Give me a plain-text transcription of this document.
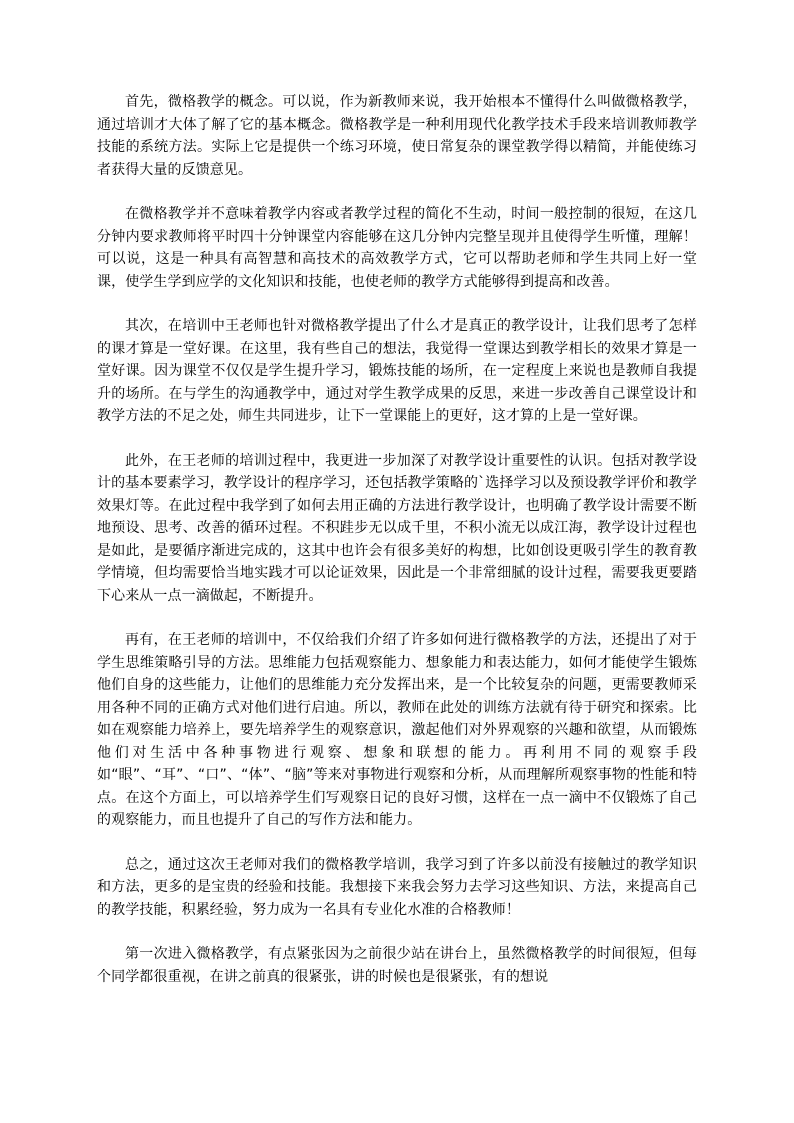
首先，微格教学的概念。可以说，作为新教师来说，我开始根本不懂得什么叫做微格教学，通过培训才大体了解了它的基本概念。微格教学是一种利用现代化教学技术手段来培训教师教学技能的系统方法。实际上它是提供一个练习环境，使日常复杂的课堂教学得以精简，并能使练习者获得大量的反馈意见。

在微格教学并不意味着教学内容或者教学过程的简化不生动，时间一般控制的很短，在这几分钟内要求教师将平时四十分钟课堂内容能够在这几分钟内完整呈现并且使得学生听懂，理解！可以说，这是一种具有高智慧和高技术的高效教学方式，它可以帮助老师和学生共同上好一堂课，使学生学到应学的文化知识和技能，也使老师的教学方式能够得到提高和改善。

其次，在培训中王老师也针对微格教学提出了什么才是真正的教学设计，让我们思考了怎样的课才算是一堂好课。在这里，我有些自己的想法，我觉得一堂课达到教学相长的效果才算是一堂好课。因为课堂不仅仅是学生提升学习，锻炼技能的场所，在一定程度上来说也是教师自我提升的场所。在与学生的沟通教学中，通过对学生教学成果的反思，来进一步改善自己课堂设计和教学方法的不足之处，师生共同进步，让下一堂课能上的更好，这才算的上是一堂好课。

此外，在王老师的培训过程中，我更进一步加深了对教学设计重要性的认识。包括对教学设计的基本要素学习，教学设计的程序学习，还包括教学策略的`选择学习以及预设教学评价和教学效果灯等。在此过程中我学到了如何去用正确的方法进行教学设计，也明确了教学设计需要不断地预设、思考、改善的循环过程。不积跬步无以成千里，不积小流无以成江海，教学设计过程也是如此，是要循序渐进完成的，这其中也许会有很多美好的构想，比如创设更吸引学生的教育教学情境，但均需要恰当地实践才可以论证效果，因此是一个非常细腻的设计过程，需要我更要踏下心来从一点一滴做起，不断提升。

再有，在王老师的培训中，不仅给我们介绍了许多如何进行微格教学的方法，还提出了对于学生思维策略引导的方法。思维能力包括观察能力、想象能力和表达能力，如何才能使学生锻炼他们自身的这些能力，让他们的思维能力充分发挥出来，是一个比较复杂的问题，更需要教师采用各种不同的正确方式对他们进行启迪。所以，教师在此处的训练方法就有待于研究和探索。比如在观察能力培养上，要先培养学生的观察意识，激起他们对外界观察的兴趣和欲望，从而锻炼他们对生活中各种事物进行观察、想象和联想的能力。再利用不同的观察手段如“眼”、“耳”、“口”、“体”、“脑”等来对事物进行观察和分析，从而理解所观察事物的性能和特点。在这个方面上，可以培养学生们写观察日记的良好习惯，这样在一点一滴中不仅锻炼了自己的观察能力，而且也提升了自己的写作方法和能力。

总之，通过这次王老师对我们的微格教学培训，我学习到了许多以前没有接触过的教学知识和方法，更多的是宝贵的经验和技能。我想接下来我会努力去学习这些知识、方法，来提高自己的教学技能，积累经验，努力成为一名具有专业化水准的合格教师！

第一次进入微格教学，有点紧张因为之前很少站在讲台上，虽然微格教学的时间很短，但每个同学都很重视，在讲之前真的很紧张，讲的时候也是很紧张，有的想说
